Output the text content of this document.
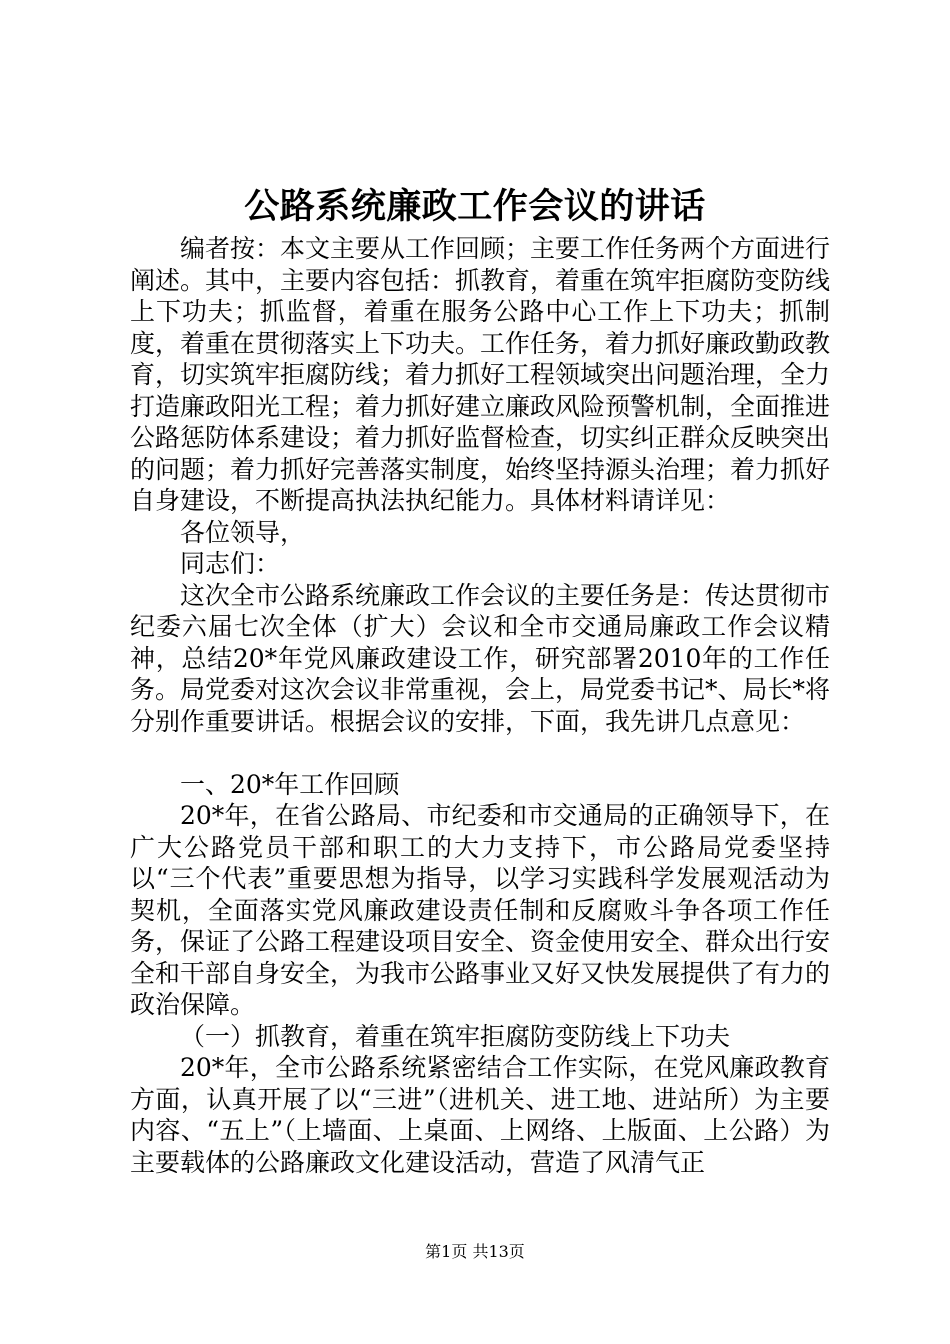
公路系统廉政工作会议的讲话

编者按：本文主要从工作回顾；主要工作任务两个方面进行阐述。其中，主要内容包括：抓教育，着重在筑牢拒腐防变防线上下功夫；抓监督，着重在服务公路中心工作上下功夫；抓制度，着重在贯彻落实上下功夫。工作任务，着力抓好廉政勤政教育，切实筑牢拒腐防线；着力抓好工程领域突出问题治理，全力打造廉政阳光工程；着力抓好建立廉政风险预警机制，全面推进公路惩防体系建设；着力抓好监督检查，切实纠正群众反映突出的问题；着力抓好完善落实制度，始终坚持源头治理；着力抓好自身建设，不断提高执法执纪能力。具体材料请详见：

各位领导，

同志们：

这次全市公路系统廉政工作会议的主要任务是：传达贯彻市纪委六届七次全体（扩大）会议和全市交通局廉政工作会议精神，总结20*年党风廉政建设工作，研究部署2010年的工作任务。局党委对这次会议非常重视，会上，局党委书记*、局长*将分别作重要讲话。根据会议的安排，下面，我先讲几点意见：

一、20*年工作回顾

20*年，在省公路局、市纪委和市交通局的正确领导下，在广大公路党员干部和职工的大力支持下，市公路局党委坚持以“三个代表”重要思想为指导，以学习实践科学发展观活动为契机，全面落实党风廉政建设责任制和反腐败斗争各项工作任务，保证了公路工程建设项目安全、资金使用安全、群众出行安全和干部自身安全，为我市公路事业又好又快发展提供了有力的政治保障。

（一）抓教育，着重在筑牢拒腐防变防线上下功夫

20*年，全市公路系统紧密结合工作实际，在党风廉政教育方面，认真开展了以“三进”（进机关、进工地、进站所）为主要内容、“五上”（上墙面、上桌面、上网络、上版面、上公路）为主要载体的公路廉政文化建设活动，营造了风清气正

第1页 共13页
